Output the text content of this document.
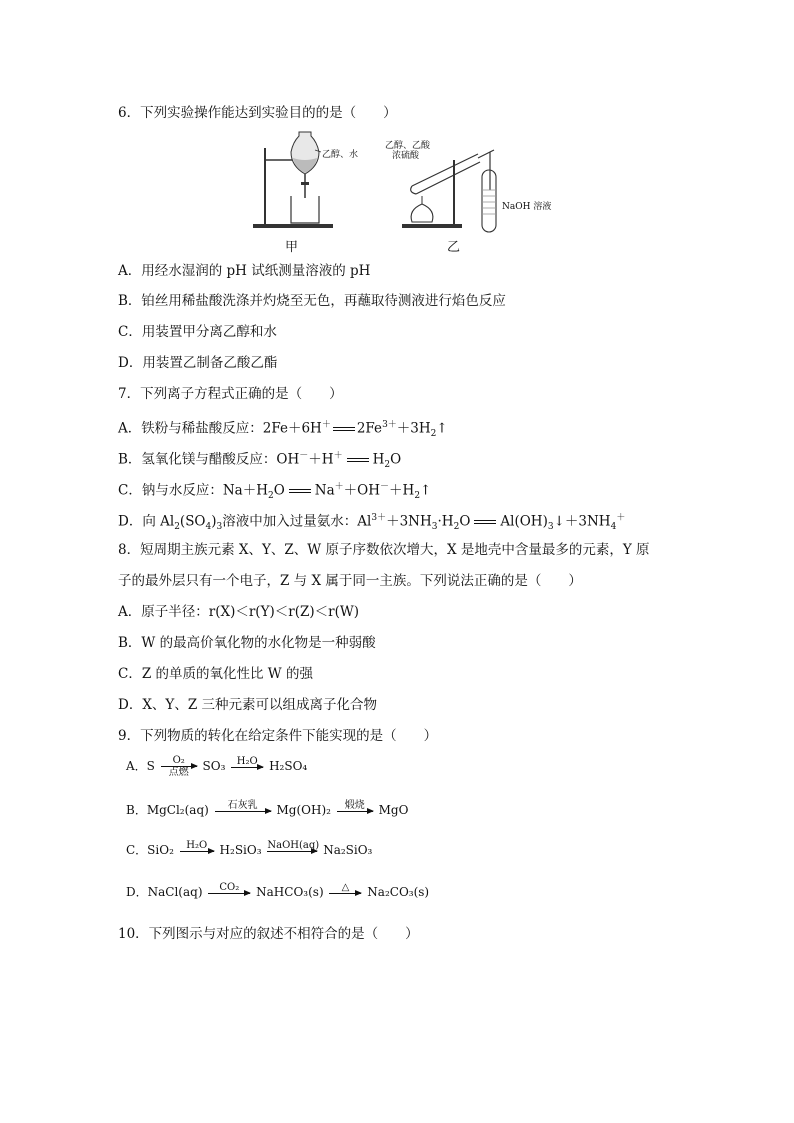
6．下列实验操作能达到实验目的的是（　　）
乙醇、水
甲
乙醇、乙酸
浓硫酸
NaOH 溶液
乙
A．用经水湿润的 pH 试纸测量溶液的 pH
B．铂丝用稀盐酸洗涤并灼烧至无色，再蘸取待测液进行焰色反应
C．用装置甲分离乙醇和水
D．用装置乙制备乙酸乙酯
7．下列离子方程式正确的是（　　）
A．铁粉与稀盐酸反应：2Fe＋6H＋ $2Fe^{3+}+3H_2↑$
B．氢氧化镁与醋酸反应：OH－＋H＋ $H_2O$
C．钠与水反应：$Na+H_2O$ $Na^++OH^-+H_2↑$
D．向 $Al_2(SO_4)_3$溶液中加入过量氨水：$Al^{3+}+3NH_3\cdot H_2O$ $Al(OH)_3↓+3NH_4^+$
8．短周期主族元素 X、Y、Z、W 原子序数依次增大，X 是地壳中含量最多的元素，Y 原
子的最外层只有一个电子，Z 与 X 属于同一主族。下列说法正确的是（　　）
A．原子半径：r(X)＜r(Y)＜r(Z)＜r(W)
B．W 的最高价氧化物的水化物是一种弱酸
C．Z 的单质的氧化性比 W 的强
D．X、Y、Z 三种元素可以组成离子化合物
9．下列物质的转化在给定条件下能实现的是（　　）
A．S	O₂
点燃	SO₃	H₂O H₂SO₄
B．MgCl₂(aq)	石灰乳	Mg(OH)₂	煅烧	MgO
C．SiO₂	H₂O	H₂SiO₃ NaOH(aq) Na₂SiO₃
D．NaCl(aq)	CO₂	NaHCO₃(s)	△	Na₂CO₃(s)
10．下列图示与对应的叙述不相符合的是（　　）
